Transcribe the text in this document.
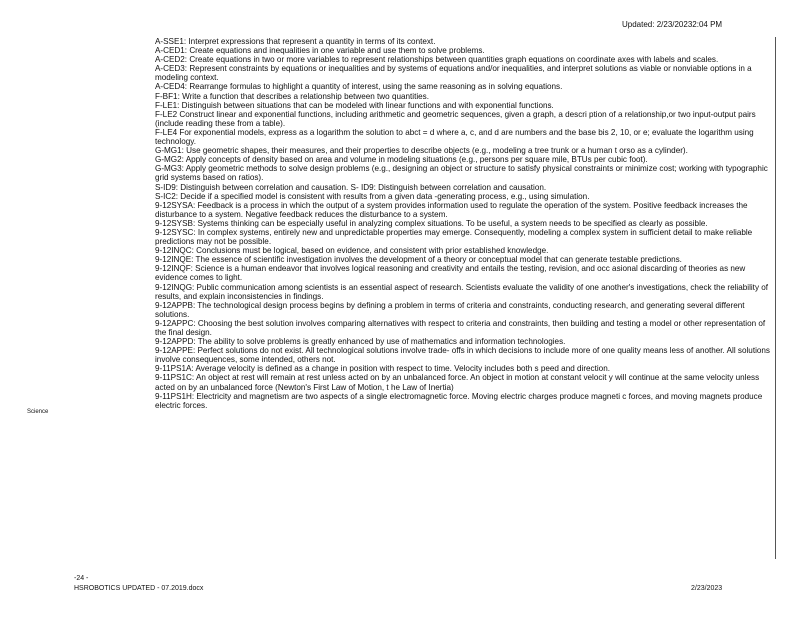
Updated: 2/23/20232:04 PM
Science

A-SSE1: Interpret expressions that represent a quantity in terms of its context.

A-CED1: Create equations and inequalities in one variable and use them to solve problems.

A-CED2: Create equations in two or more variables to represent relationships between quantities graph equations on coordinate axes with labels and scales.

A-CED3: Represent constraints by equations or inequalities and by systems of equations and/or inequalities, and interpret solutions as viable or nonviable options in a modeling context.

A-CED4: Rearrange formulas to highlight a quantity of interest, using the same reasoning as in solving equations.

F-BF1: Write a function that describes a relationship between two quantities.

F-LE1: Distinguish between situations that can be modeled with linear functions and with exponential functions.

F-LE2 Construct linear and exponential functions, including arithmetic and geometric sequences, given a graph, a descri ption of a relationship,or two input-output pairs (include reading these from a table).

F-LE4 For exponential models, express as a logarithm the solution to abct = d where a, c, and d are numbers and the base bis 2, 10, or e; evaluate the logarithm using technology.

G-MG1: Use geometric shapes, their measures, and their properties to describe objects (e.g., modeling a tree trunk or a human t orso as a cylinder).

G-MG2: Apply concepts of density based on area and volume in modeling situations (e.g., persons per square mile, BTUs per cubic foot).

G-MG3: Apply geometric methods to solve design problems (e.g., designing an object or structure to satisfy physical constraints or minimize cost; working with typographic grid systems based on ratios).

S-ID9: Distinguish between correlation and causation. S- ID9: Distinguish between correlation and causation.

S-IC2: Decide if a specified model is consistent with results from a given data -generating process, e.g., using simulation.

9-12SYSA: Feedback is a process in which the output of a system provides information used to regulate the operation of the system. Positive feedback increases the disturbance to a system. Negative feedback reduces the disturbance to a system.

9-12SYSB: Systems thinking can be especially useful in analyzing complex situations. To be useful, a system needs to be specified as clearly as possible.

9-12SYSC: In complex systems, entirely new and unpredictable properties may emerge. Consequently, modeling a complex system in sufficient detail to make reliable predictions may not be possible.

9-12INQC: Conclusions must be logical, based on evidence, and consistent with prior established knowledge.

9-12INQE: The essence of scientific investigation involves the development of a theory or conceptual model that can generate testable predictions.

9-12INQF: Science is a human endeavor that involves logical reasoning and creativity and entails the testing, revision, and occ asional discarding of theories as new evidence comes to light.

9-12INQG: Public communication among scientists is an essential aspect of research. Scientists evaluate the validity of one another's investigations, check the reliability of results, and explain inconsistencies in findings.

9-12APPB: The technological design process begins by defining a problem in terms of criteria and constraints, conducting research, and generating several different solutions.

9-12APPC: Choosing the best solution involves comparing alternatives with respect to criteria and constraints, then building and testing a model or other representation of the final design.

9-12APPD: The ability to solve problems is greatly enhanced by use of mathematics and information technologies.

9-12APPE: Perfect solutions do not exist. All technological solutions involve trade- offs in which decisions to include more of one quality means less of another. All solutions involve consequences, some intended, others not.

9-11PS1A: Average velocity is defined as a change in position with respect to time. Velocity includes both s peed and direction.

9-11PS1C: An object at rest will remain at rest unless acted on by an unbalanced force. An object in motion at constant velocit y will continue at the same velocity unless acted on by an unbalanced force (Newton's First Law of Motion, t he Law of Inertia)

9-11PS1H: Electricity and magnetism are two aspects of a single electromagnetic force. Moving electric charges produce magneti c forces, and moving magnets produce electric forces.

-24 -
HSROBOTICS UPDATED - 07.2019.docx	2/23/2023
